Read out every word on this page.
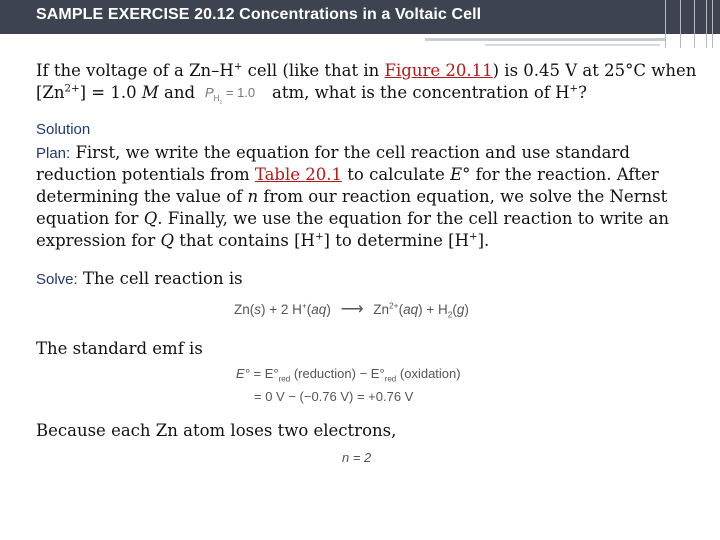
SAMPLE EXERCISE 20.12 Concentrations in a Voltaic Cell
If the voltage of a Zn–H+ cell (like that in Figure 20.11) is 0.45 V at 25°C when
$[Zn^{2+}] = 1.0$ M and $P_{H_2} = 1.0$ atm, what is the concentration of H+?
Solution
Plan: First, we write the equation for the cell reaction and use standard
reduction potentials from Table 20.1 to calculate E° for the reaction. After
determining the value of n from our reaction equation, we solve the Nernst
equation for Q. Finally, we use the equation for the cell reaction to write an
expression for Q that contains [H+] to determine [H+].
Solve: The cell reaction is
Zn(s) + 2 H+(aq) ⟶ $Zn^{2+}(aq) + H_2(g)$
The standard emf is
$E^\circ = E^\circ_{red}$ (reduction) − $E^\circ_{red}$ (oxidation)
= 0 V − (−0.76 V) = +0.76 V
Because each Zn atom loses two electrons,
n = 2
